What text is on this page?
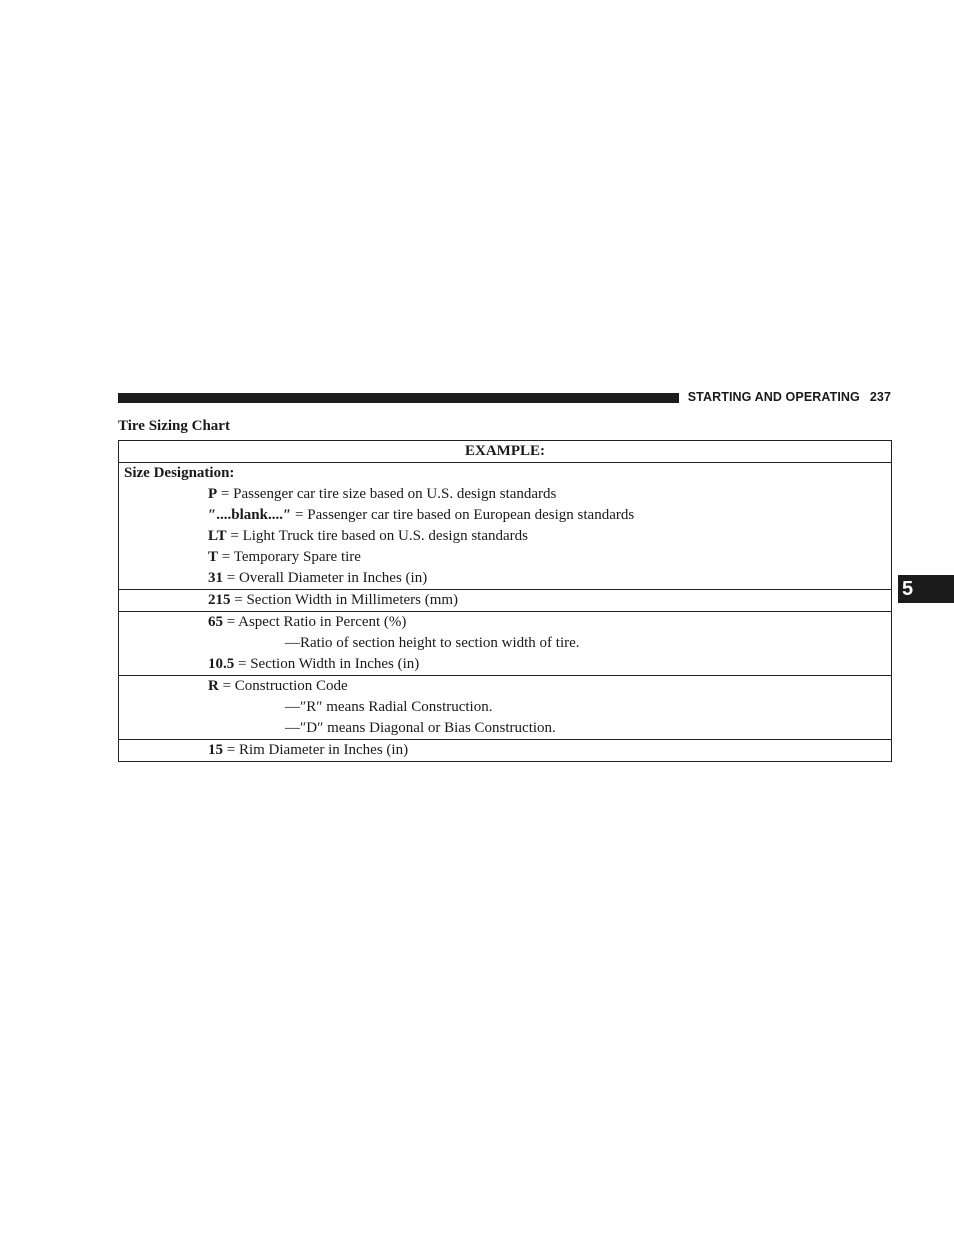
STARTING AND OPERATING 237
5
Tire Sizing Chart
EXAMPLE:

Size Designation:
P = Passenger car tire size based on U.S. design standards
″....blank....″ = Passenger car tire based on European design standards
LT = Light Truck tire based on U.S. design standards
T = Temporary Spare tire
31 = Overall Diameter in Inches (in)

215 = Section Width in Millimeters (mm)

65 = Aspect Ratio in Percent (%)
—Ratio of section height to section width of tire.
10.5 = Section Width in Inches (in)

R = Construction Code
—″R″ means Radial Construction.
—″D″ means Diagonal or Bias Construction.

15 = Rim Diameter in Inches (in)
